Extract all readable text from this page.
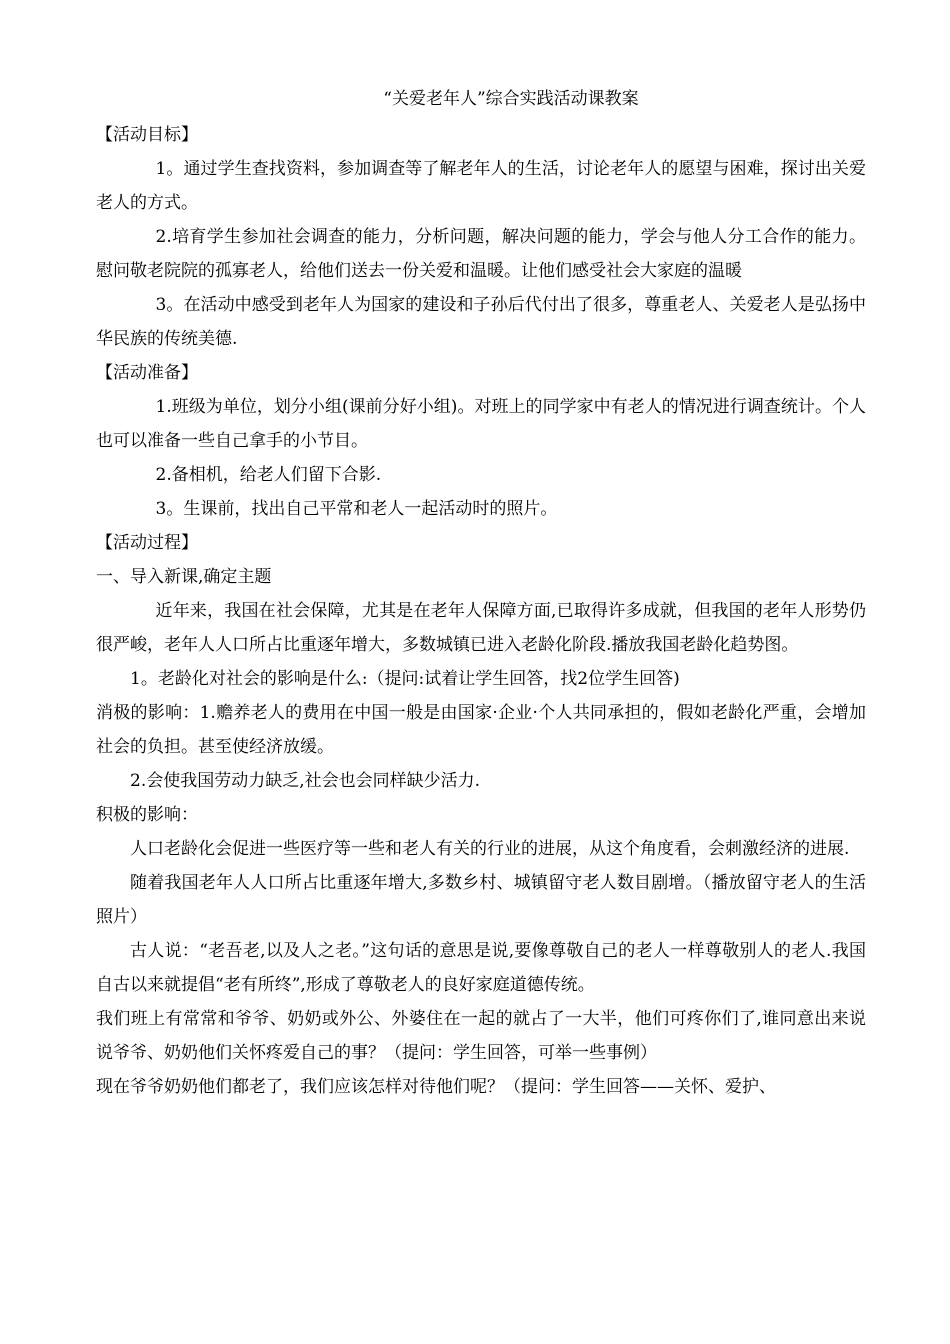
“关爱老年人”综合实践活动课教案
【活动目标】

1。通过学生查找资料，参加调查等了解老年人的生活，讨论老年人的愿望与困难，探讨出关爱老人的方式。

2.培育学生参加社会调查的能力，分析问题，解决问题的能力，学会与他人分工合作的能力。慰问敬老院院的孤寡老人，给他们送去一份关爱和温暖。让他们感受社会大家庭的温暖

3。在活动中感受到老年人为国家的建设和子孙后代付出了很多，尊重老人、关爱老人是弘扬中华民族的传统美德.

【活动准备】

1.班级为单位，划分小组(课前分好小组)。对班上的同学家中有老人的情况进行调查统计。个人也可以准备一些自己拿手的小节目。

2.备相机，给老人们留下合影.

3。生课前，找出自己平常和老人一起活动时的照片。

【活动过程】
一、导入新课,确定主题

近年来，我国在社会保障，尤其是在老年人保障方面,已取得许多成就，但我国的老年人形势仍很严峻，老年人人口所占比重逐年增大，多数城镇已进入老龄化阶段.播放我国老龄化趋势图。

1。老龄化对社会的影响是什么:（提问:试着让学生回答，找2位学生回答)

消极的影响：1.赡养老人的费用在中国一般是由国家·企业·个人共同承担的，假如老龄化严重，会增加社会的负担。甚至使经济放缓。

2.会使我国劳动力缺乏,社会也会同样缺少活力.

积极的影响：

人口老龄化会促进一些医疗等一些和老人有关的行业的进展，从这个角度看，会刺激经济的进展.

随着我国老年人人口所占比重逐年增大,多数乡村、城镇留守老人数目剧增。（播放留守老人的生活照片）

古人说：“老吾老,以及人之老。”这句话的意思是说,要像尊敬自己的老人一样尊敬别人的老人.我国自古以来就提倡“老有所终”,形成了尊敬老人的良好家庭道德传统。

我们班上有常常和爷爷、奶奶或外公、外婆住在一起的就占了一大半，他们可疼你们了,谁同意出来说说爷爷、奶奶他们关怀疼爱自己的事？（提问：学生回答，可举一些事例）

现在爷爷奶奶他们都老了，我们应该怎样对待他们呢？（提问：学生回答——关怀、爱护、
